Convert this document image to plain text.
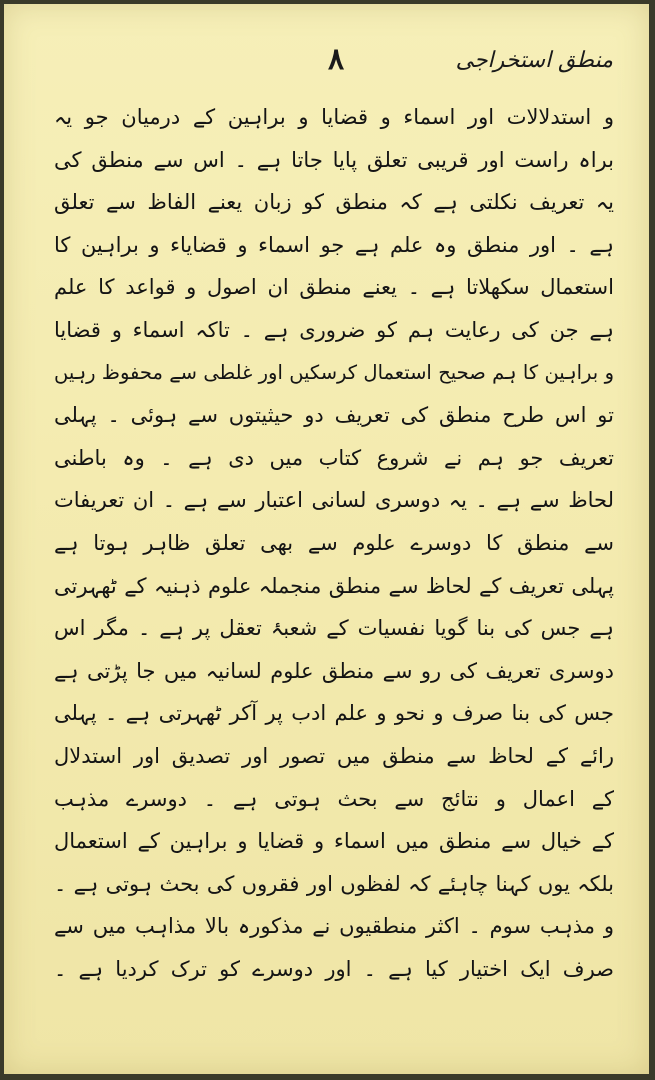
٨	منطق استخراجی
و استدلالات اور اسماء و قضایا و براہین کے درمیان جو یہ
براہ راست اور قریبی تعلق پایا جاتا ہے ۔ اس سے منطق کی
یہ تعریف نکلتی ہے کہ منطق کو زبان یعنے الفاظ سے تعلق
ہے ۔ اور منطق وہ علم ہے جو اسماء و قضایاء و براہین کا
استعمال سکھلاتا ہے ۔ یعنے منطق ان اصول و قواعد کا علم
ہے جن کی رعایت ہم کو ضروری ہے ۔ تاکہ اسماء و قضایا
و براہین کا ہم صحیح استعمال کرسکیں اور غلطی سے محفوظ رہیں
تو اس طرح منطق کی تعریف دو حیثیتوں سے ہوئی ۔ پہلی
تعریف جو ہم نے شروع کتاب میں دی ہے ۔ وہ باطنی
لحاظ سے ہے ۔ یہ دوسری لسانی اعتبار سے ہے ۔ ان تعریفات
سے منطق کا دوسرے علوم سے بھی تعلق ظاہر ہوتا ہے
پہلی تعریف کے لحاظ سے منطق منجملہ علوم ذہنیہ کے ٹھہرتی
ہے جس کی بنا گویا نفسیات کے شعبۂ تعقل پر ہے ۔ مگر اس
دوسری تعریف کی رو سے منطق علوم لسانیہ میں جا پڑتی ہے
جس کی بنا صرف و نحو و علم ادب پر آکر ٹھہرتی ہے ۔ پہلی
رائے کے لحاظ سے منطق میں تصور اور تصدیق اور استدلال
کے اعمال و نتائج سے بحث ہوتی ہے ۔ دوسرے مذہب
کے خیال سے منطق میں اسماء و قضایا و براہین کے استعمال
بلکہ یوں کہنا چاہئے کہ لفظوں اور فقروں کی بحث ہوتی ہے ۔
و مذہب سوم ۔ اکثر منطقیوں نے مذکورہ بالا مذاہب میں سے
صرف ایک اختیار کیا ہے ۔ اور دوسرے کو ترک کردیا ہے ۔
